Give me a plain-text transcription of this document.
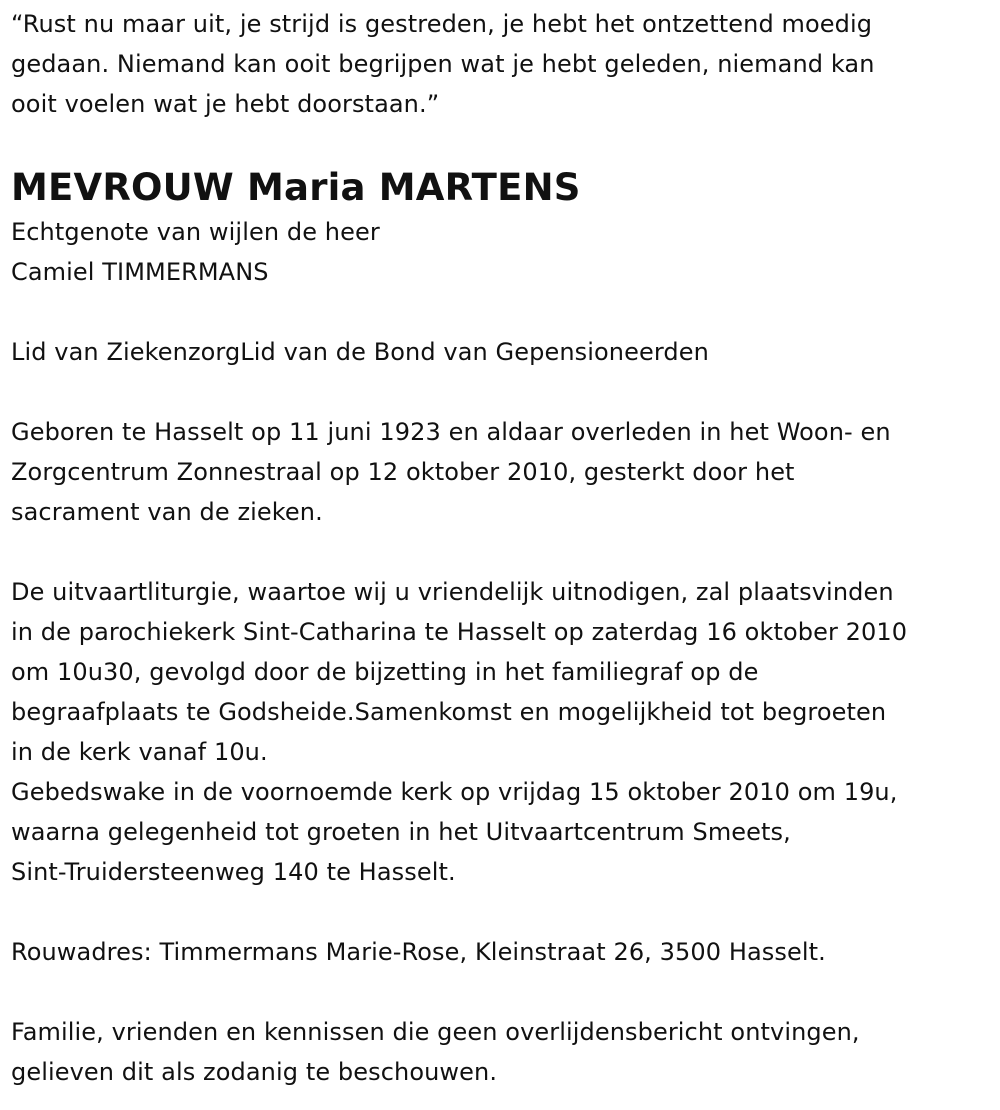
“Rust nu maar uit, je strijd is gestreden, je hebt het ontzettend moedig
gedaan. Niemand kan ooit begrijpen wat je hebt geleden, niemand kan
ooit voelen wat je hebt doorstaan.”

MEVROUW Maria MARTENS

Echtgenote van wijlen de heer
Camiel TIMMERMANS

Lid van ZiekenzorgLid van de Bond van Gepensioneerden

Geboren te Hasselt op 11 juni 1923 en aldaar overleden in het Woon- en
Zorgcentrum Zonnestraal op 12 oktober 2010, gesterkt door het
sacrament van de zieken.

De uitvaartliturgie, waartoe wij u vriendelijk uitnodigen, zal plaatsvinden
in de parochiekerk Sint-Catharina te Hasselt op zaterdag 16 oktober 2010
om 10u30, gevolgd door de bijzetting in het familiegraf op de
begraafplaats te Godsheide.Samenkomst en mogelijkheid tot begroeten
in de kerk vanaf 10u.
Gebedswake in de voornoemde kerk op vrijdag 15 oktober 2010 om 19u,
waarna gelegenheid tot groeten in het Uitvaartcentrum Smeets,
Sint-Truidersteenweg 140 te Hasselt.

Rouwadres: Timmermans Marie-Rose, Kleinstraat 26, 3500 Hasselt.

Familie, vrienden en kennissen die geen overlijdensbericht ontvingen,
gelieven dit als zodanig te beschouwen.
